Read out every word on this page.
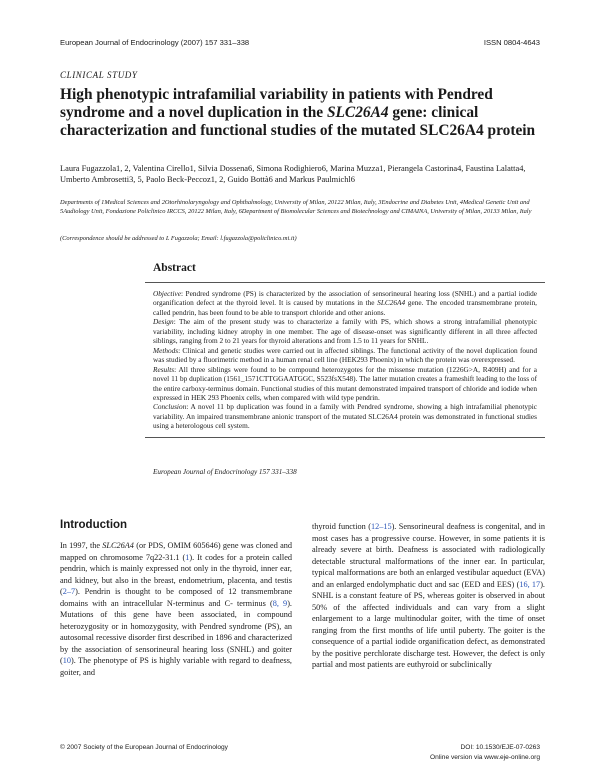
European Journal of Endocrinology (2007) 157 331–338	ISSN 0804-4643
CLINICAL STUDY
High phenotypic intrafamilial variability in patients with Pendred syndrome and a novel duplication in the SLC26A4 gene: clinical characterization and functional studies of the mutated SLC26A4 protein
Laura Fugazzola1, 2, Valentina Cirello1, Silvia Dossena6, Simona Rodighiero6, Marina Muzza1, Pierangela Castorina4, Faustina Lalatta4, Umberto Ambrosetti3, 5, Paolo Beck-Peccoz1, 2, Guido Bottà6 and Markus Paulmichl6
Departments of 1Medical Sciences and 2Otorhinolaryngology and Ophthalmology, University of Milan, 20122 Milan, Italy, 3Endocrine and Diabetes Unit, 4Medical Genetic Unit and 5Audiology Unit, Fondazione Policlinico IRCCS, 20122 Milan, Italy, 6Department of Biomolecular Sciences and Biotechnology and CIMAINA, University of Milan, 20133 Milan, Italy
(Correspondence should be addressed to L Fugazzola; Email: l.fugazzola@policlinico.mi.it)
Abstract

Objective: Pendred syndrome (PS) is characterized by the association of sensorineural hearing loss (SNHL) and a partial iodide organification defect at the thyroid level. It is caused by mutations in the SLC26A4 gene. The encoded transmembrane protein, called pendrin, has been found to be able to transport chloride and other anions.

Design: The aim of the present study was to characterize a family with PS, which shows a strong intrafamilial phenotypic variability, including kidney atrophy in one member. The age of disease-onset was significantly different in all three affected siblings, ranging from 2 to 21 years for thyroid alterations and from 1.5 to 11 years for SNHL.

Methods: Clinical and genetic studies were carried out in affected siblings. The functional activity of the novel duplication found was studied by a fluorimetric method in a human renal cell line (HEK293 Phoenix) in which the protein was overexpressed.

Results: All three siblings were found to be compound heterozygotes for the missense mutation (1226G>A, R409H) and for a novel 11 bp duplication (1561_1571CTTGGAATGGC, S523fsX548). The latter mutation creates a frameshift leading to the loss of the entire carboxy-terminus domain. Functional studies of this mutant demonstrated impaired transport of chloride and iodide when expressed in HEK 293 Phoenix cells, when compared with wild type pendrin.

Conclusion: A novel 11 bp duplication was found in a family with Pendred syndrome, showing a high intrafamilial phenotypic variability. An impaired transmembrane anionic transport of the mutated SLC26A4 protein was demonstrated in functional studies using a heterologous cell system.

European Journal of Endocrinology 157 331–338
Introduction

In 1997, the SLC26A4 (or PDS, OMIM 605646) gene was cloned and mapped on chromosome 7q22-31.1 (1). It codes for a protein called pendrin, which is mainly expressed not only in the thyroid, inner ear, and kidney, but also in the breast, endometrium, placenta, and testis (2–7). Pendrin is thought to be composed of 12 transmembrane domains with an intracellular N-terminus and C- terminus (8, 9). Mutations of this gene have been associated, in compound heterozygosity or in homozygosity, with Pendred syndrome (PS), an autosomal recessive disorder first described in 1896 and characterized by the association of sensorineural hearing loss (SNHL) and goiter (10). The phenotype of PS is highly variable with regard to deafness, goiter, and

thyroid function (12–15). Sensorineural deafness is congenital, and in most cases has a progressive course. However, in some patients it is already severe at birth. Deafness is associated with radiologically detectable structural malformations of the inner ear. In particular, typical malformations are both an enlarged vestibular aqueduct (EVA) and an enlarged endolymphatic duct and sac (EED and EES) (16, 17). SNHL is a constant feature of PS, whereas goiter is observed in about 50% of the affected individuals and can vary from a slight enlargement to a large multinodular goiter, with the time of onset ranging from the first months of life until puberty. The goiter is the consequence of a partial iodide organification defect, as demonstrated by the positive perchlorate discharge test. However, the defect is only partial and most patients are euthyroid or subclinically

© 2007 Society of the European Journal of Endocrinology	DOI: 10.1530/EJE-07-0263
Online version via www.eje-online.org
